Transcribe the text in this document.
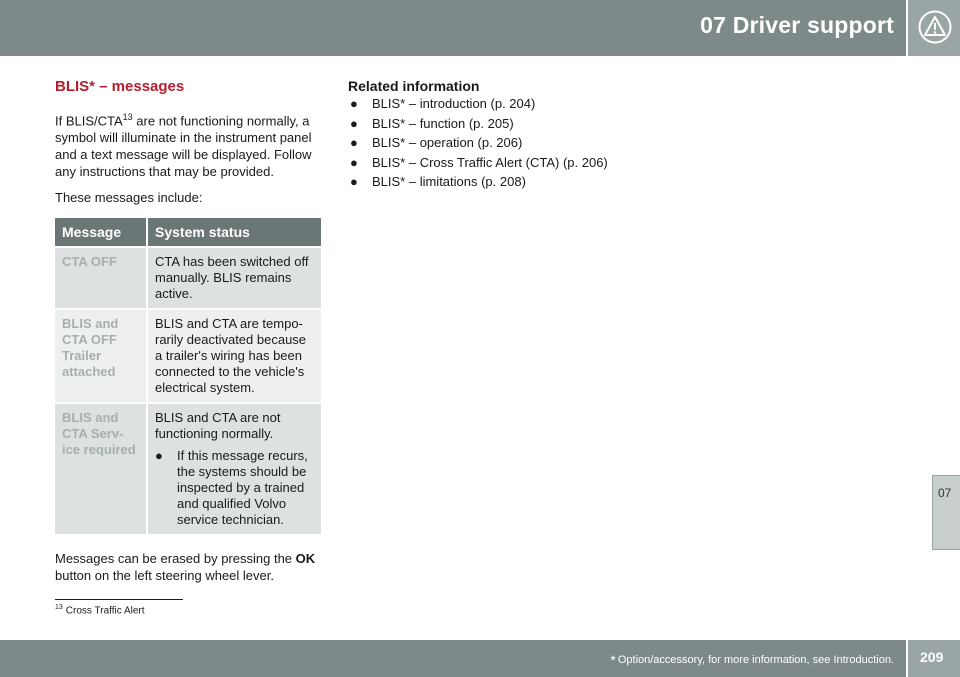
07 Driver support
07
BLIS* – messages

If BLIS/CTA$^{13}$ are not functioning normally, a symbol will illuminate in the instrument panel and a text message will be displayed. Follow any instructions that may be provided.

These messages include:

Message	System status
CTA OFF	CTA has been switched off manually. BLIS remains active.
BLIS and CTA OFF Trailer attached	BLIS and CTA are tempo-rarily deactivated because a trailer's wiring has been connected to the vehicle's electrical system.
BLIS and CTA Serv-ice required	BLIS and CTA are not functioning normally.
● If this message recurs, the systems should be inspected by a trained and qualified Volvo service technician.

Messages can be erased by pressing the OK button on the left steering wheel lever.

Related information
●	BLIS* – introduction (p. 204)
●	BLIS* – function (p. 205)
●	BLIS* – operation (p. 206)
●	BLIS* – Cross Traffic Alert (CTA) (p. 206)
●	BLIS* – limitations (p. 208)
$^{13}$ Cross Traffic Alert
* Option/accessory, for more information, see Introduction. 209
